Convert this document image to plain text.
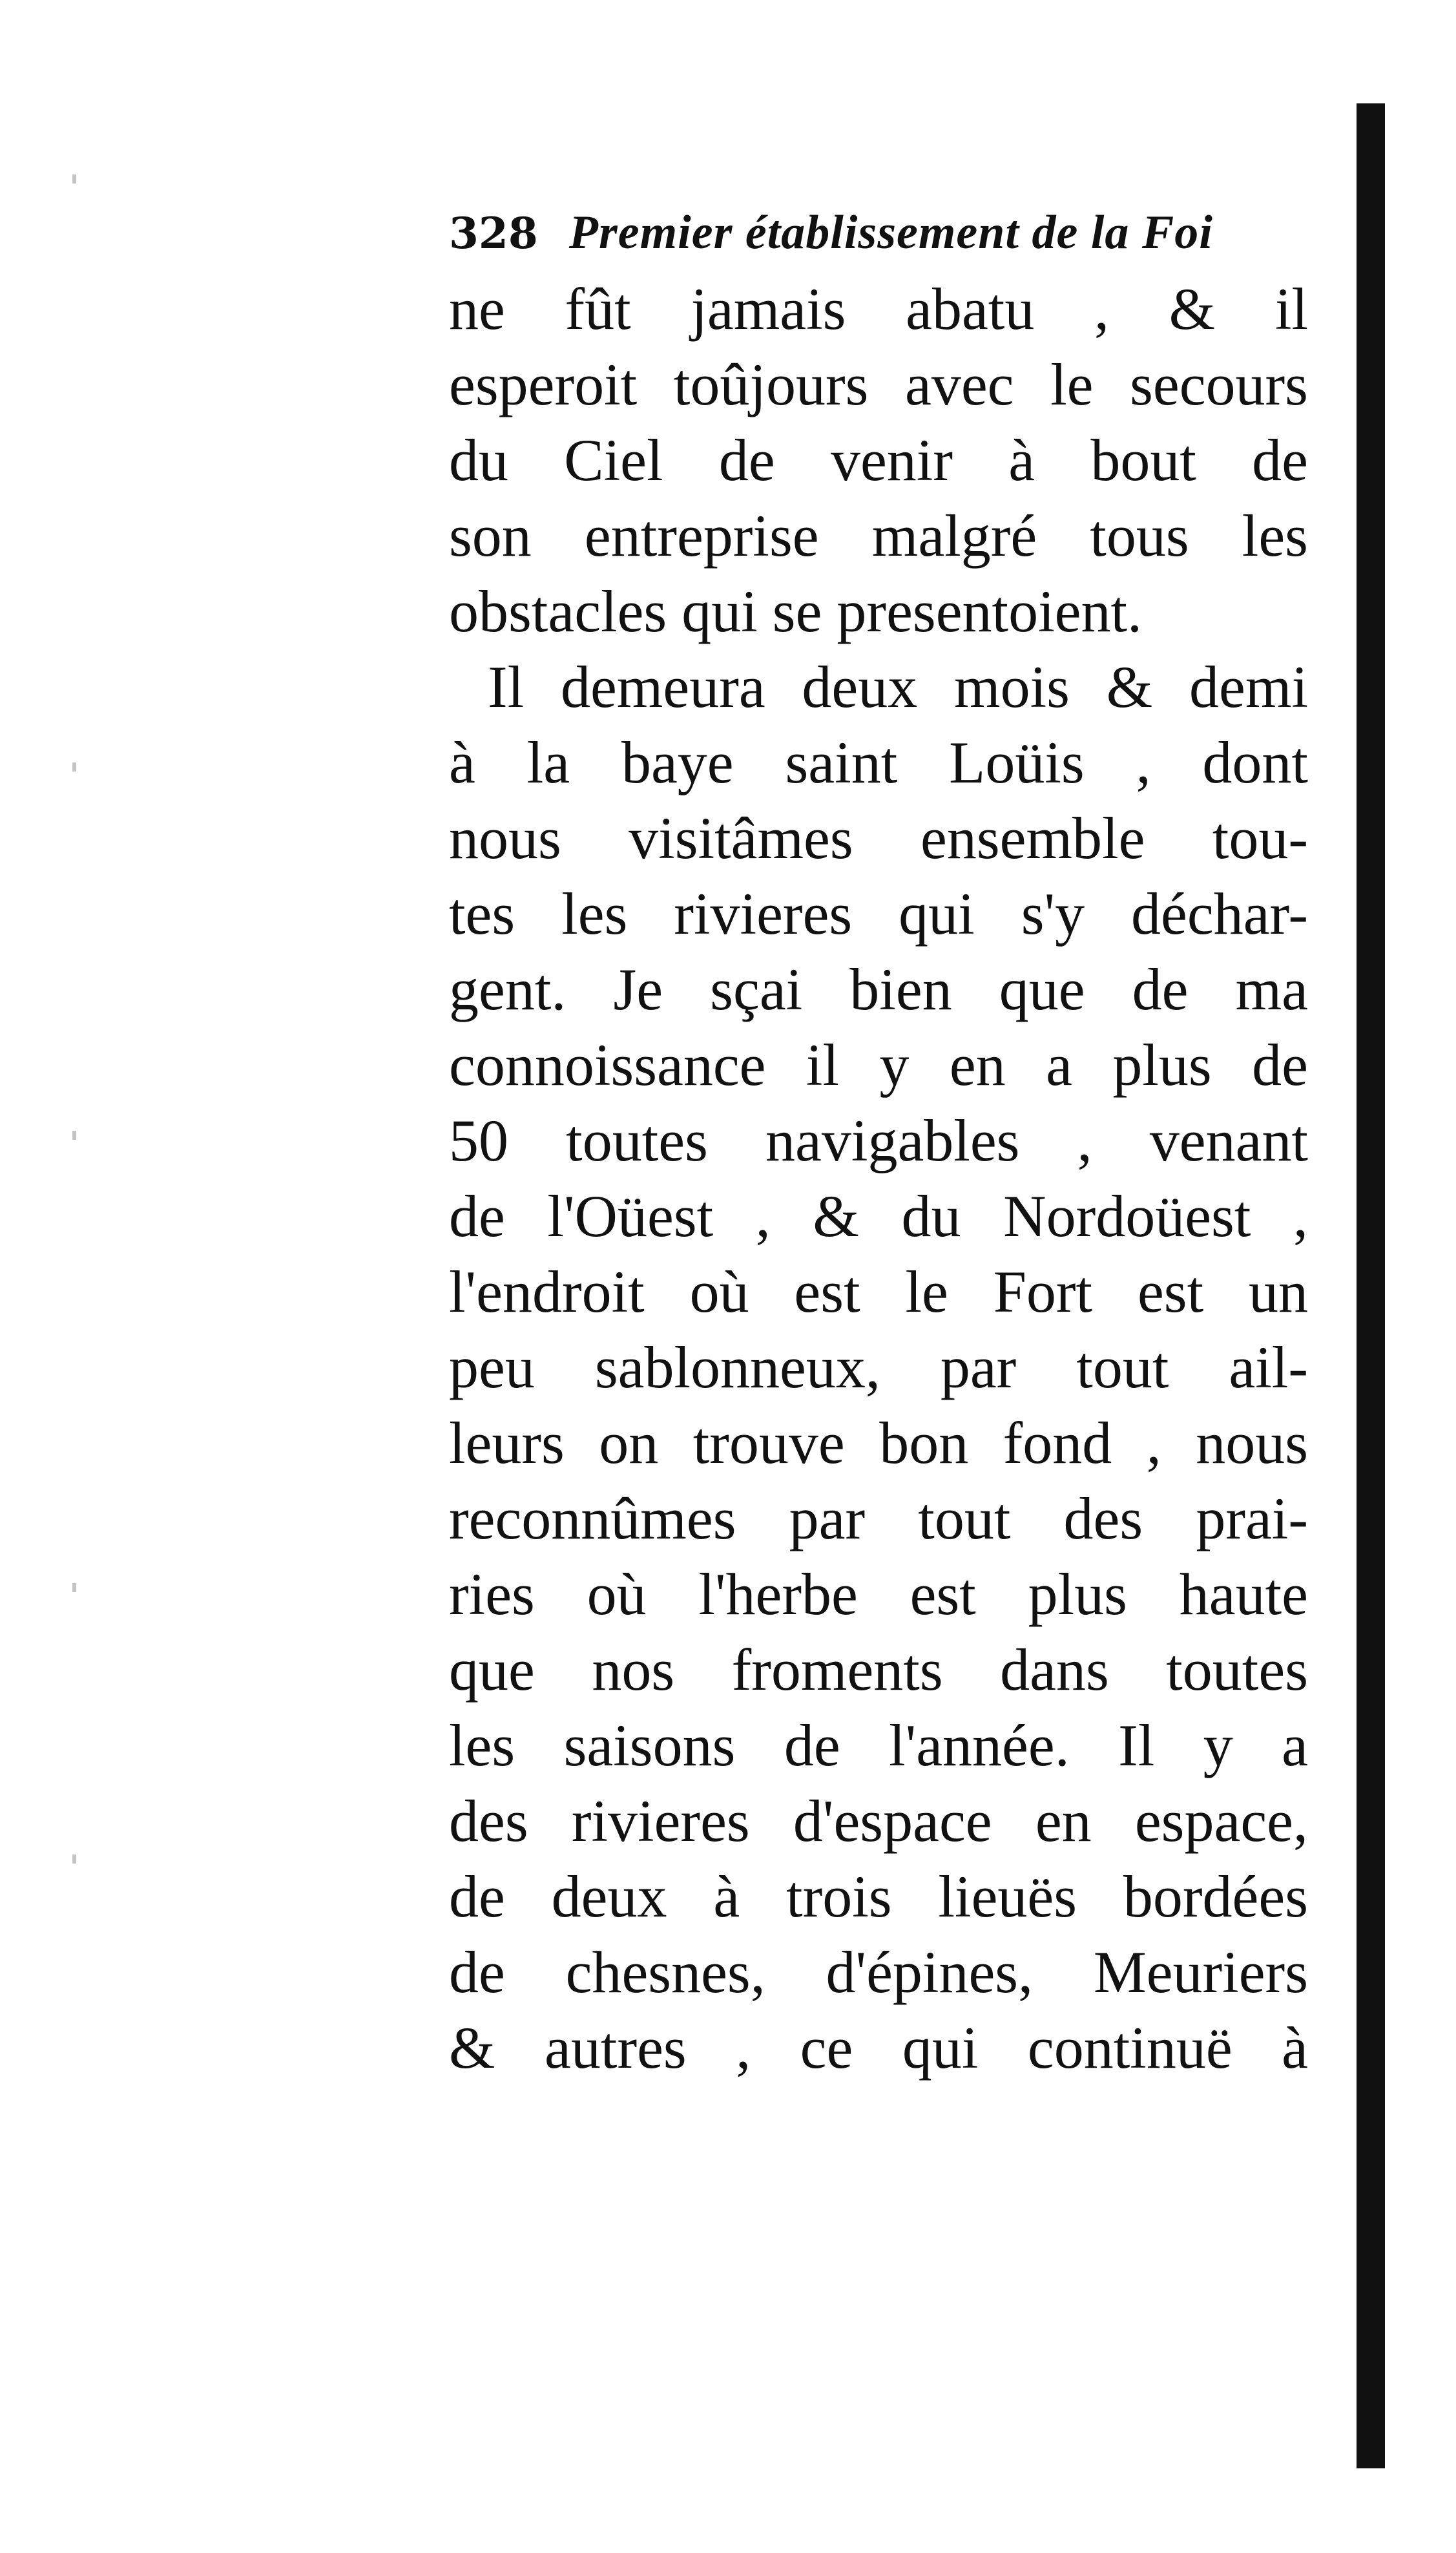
328 Premier établissement de la Foi
ne fût jamais abatu , & il
esperoit toûjours avec le secours
du Ciel de venir à bout de
son entreprise malgré tous les
obstacles qui se presentoient.
Il demeura deux mois & demi
à la baye saint Loüis , dont
nous visitâmes ensemble tou-
tes les rivieres qui s'y déchar-
gent. Je sçai bien que de ma
connoissance il y en a plus de
50 toutes navigables , venant
de l'Oüest , & du Nordoüest ,
l'endroit où est le Fort est un
peu sablonneux, par tout ail-
leurs on trouve bon fond , nous
reconnûmes par tout des prai-
ries où l'herbe est plus haute
que nos froments dans toutes
les saisons de l'année. Il y a
des rivieres d'espace en espace,
de deux à trois lieuës bordées
de chesnes, d'épines, Meuriers
& autres , ce qui continuë à
